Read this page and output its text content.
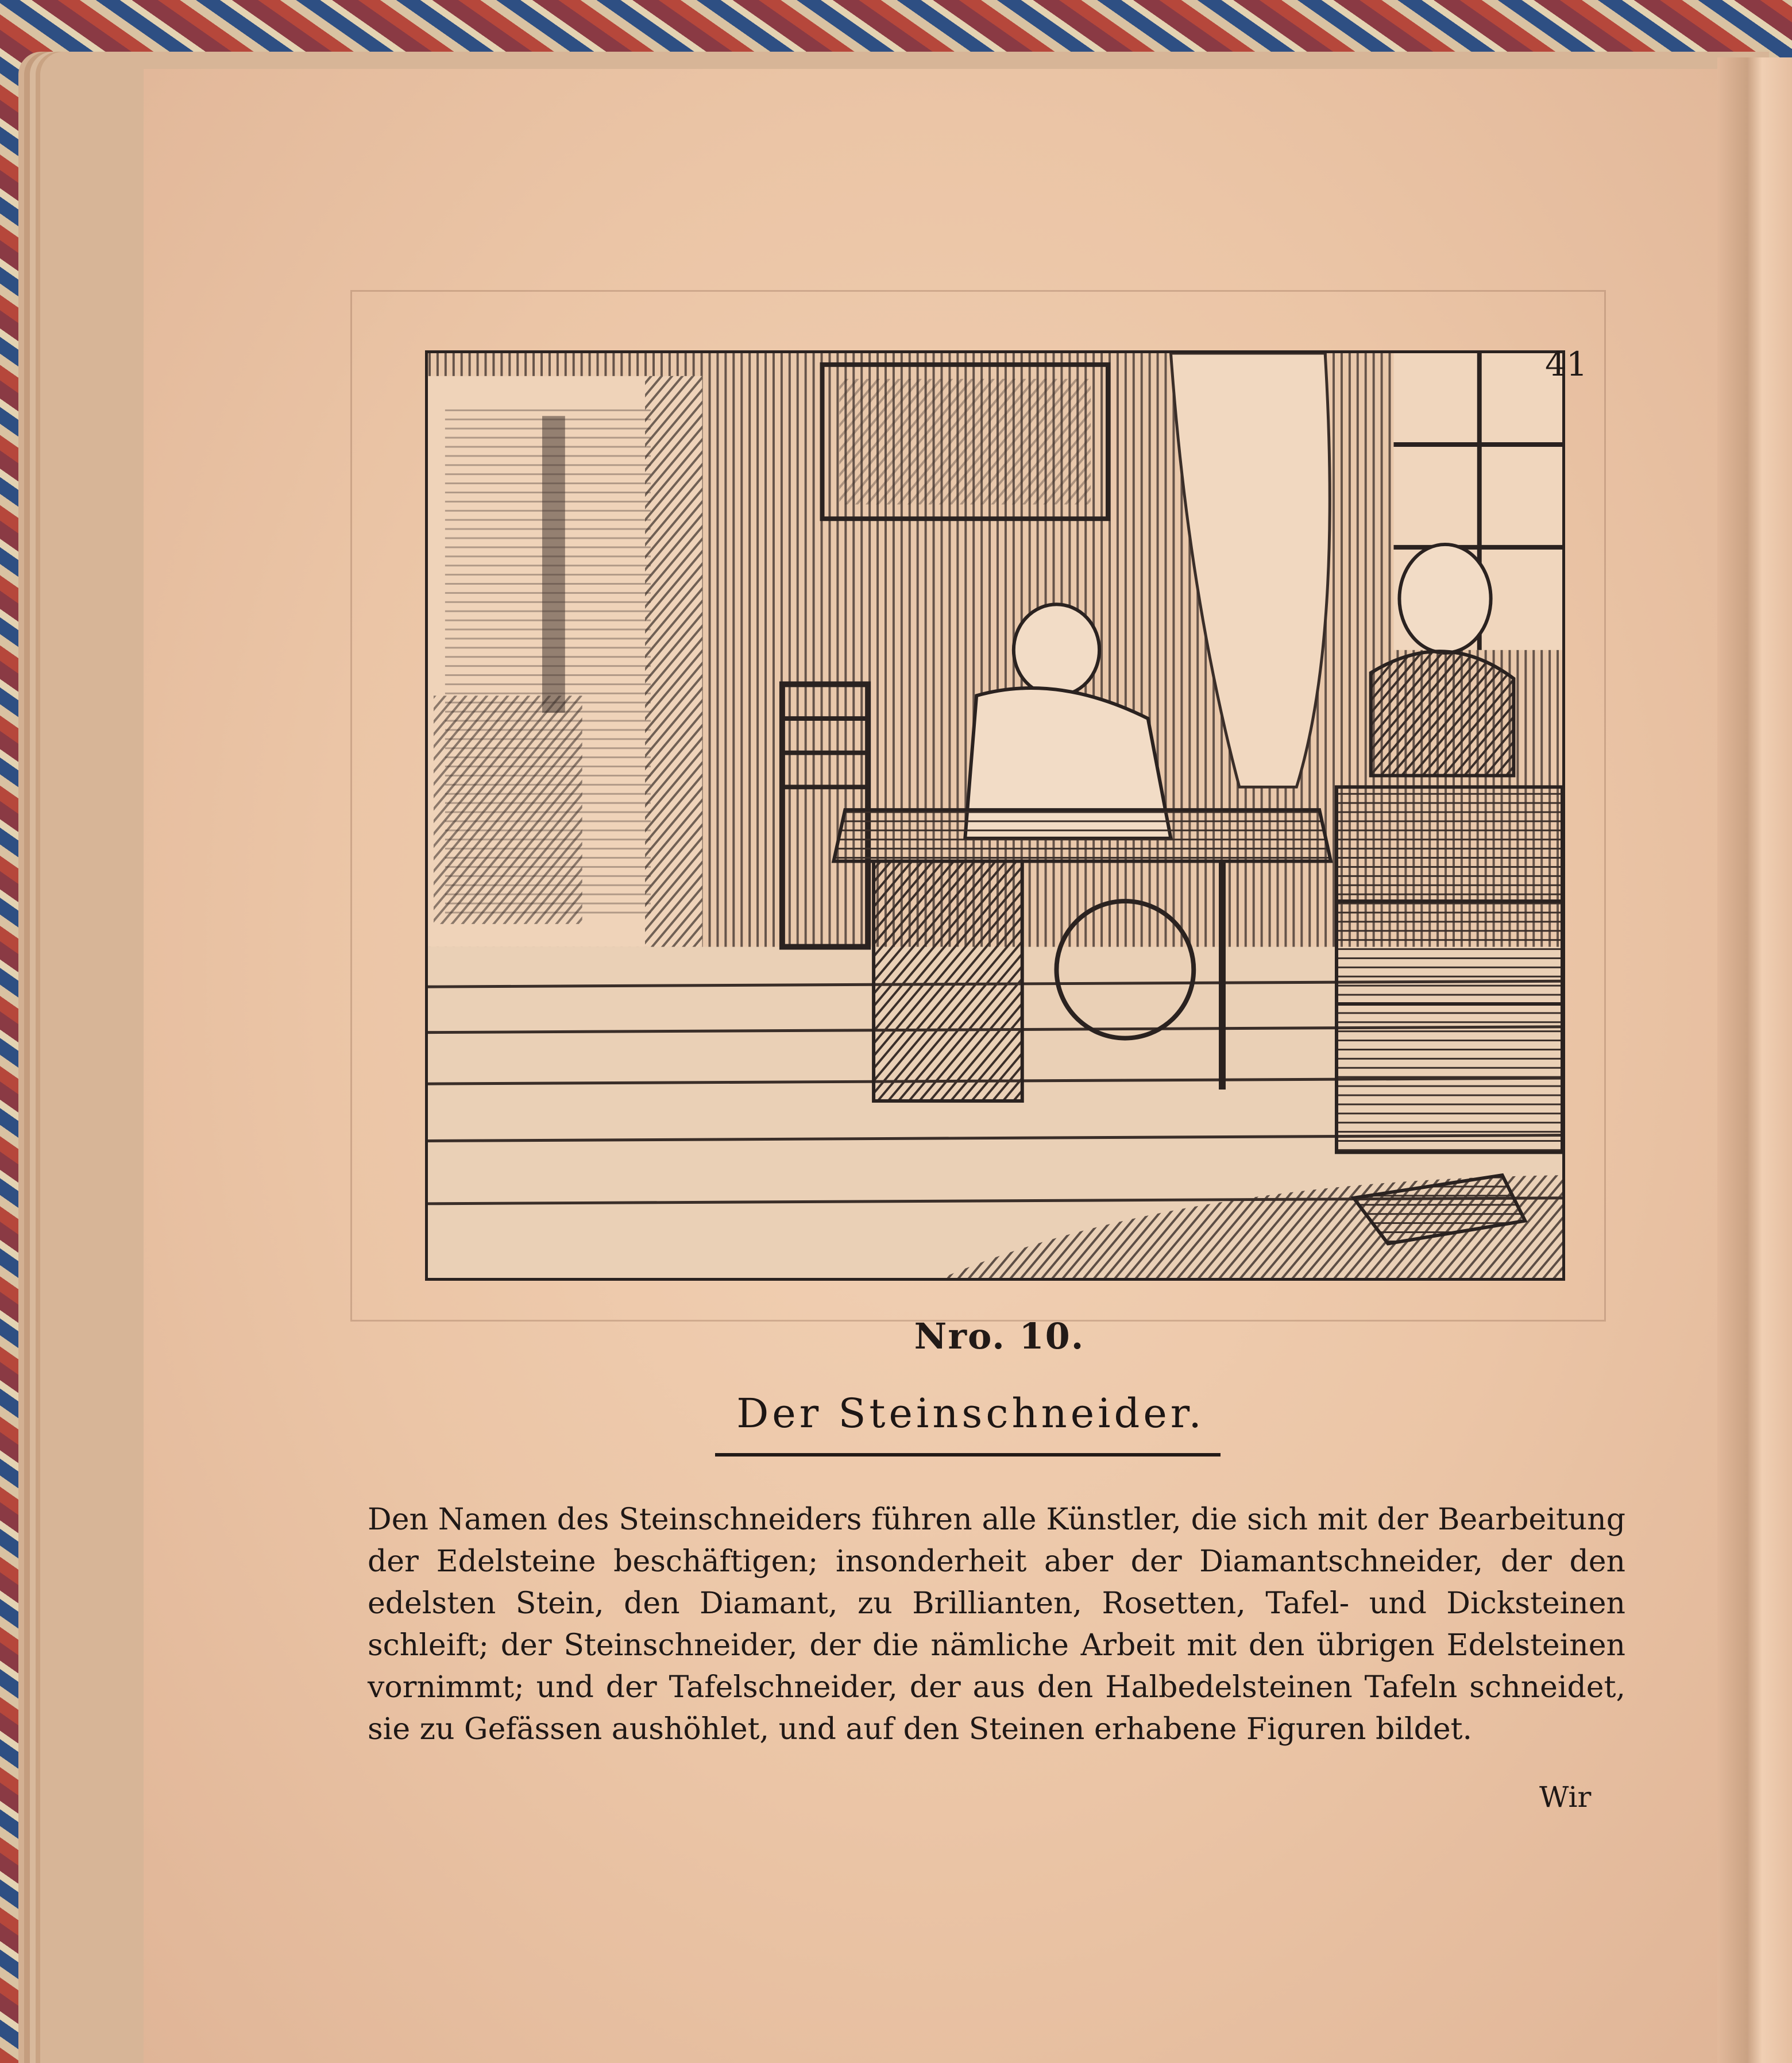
41
Nro. 10.
Der Steinschneider.
Den Namen des Steinschneiders führen alle Künstler, die sich mit der Bearbeitung der Edelsteine beschäftigen; insonderheit aber der Diamantschneider, der den edelsten Stein, den Diamant, zu Brillianten, Rosetten, Tafel- und Dicksteinen schleift; der Steinschneider, der die nämliche Arbeit mit den übrigen Edelsteinen vornimmt; und der Tafelschneider, der aus den Halbedelsteinen Tafeln schneidet, sie zu Gefässen aushöhlet, und auf den Steinen erhabene Figuren bildet.
Wir
